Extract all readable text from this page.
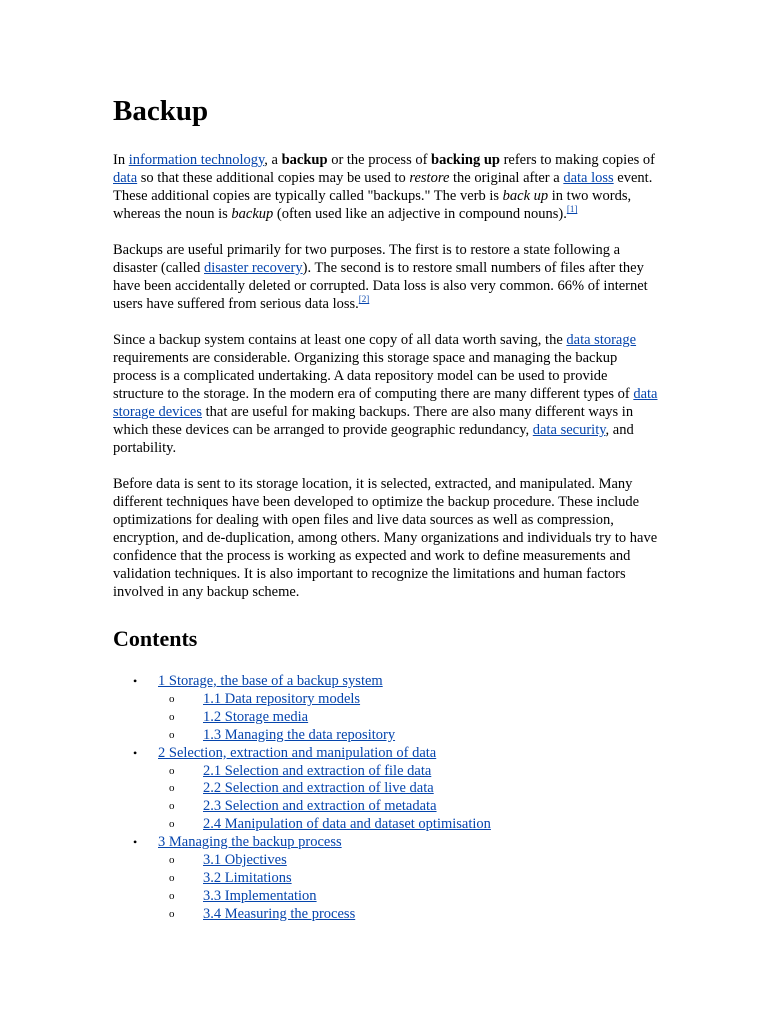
Backup

In information technology, a backup or the process of backing up refers to making copies of data so that these additional copies may be used to restore the original after a data loss event. These additional copies are typically called "backups." The verb is back up in two words, whereas the noun is backup (often used like an adjective in compound nouns).[1]

Backups are useful primarily for two purposes. The first is to restore a state following a disaster (called disaster recovery). The second is to restore small numbers of files after they have been accidentally deleted or corrupted. Data loss is also very common. 66% of internet users have suffered from serious data loss.[2]

Since a backup system contains at least one copy of all data worth saving, the data storage requirements are considerable. Organizing this storage space and managing the backup process is a complicated undertaking. A data repository model can be used to provide structure to the storage. In the modern era of computing there are many different types of data storage devices that are useful for making backups. There are also many different ways in which these devices can be arranged to provide geographic redundancy, data security, and portability.

Before data is sent to its storage location, it is selected, extracted, and manipulated. Many different techniques have been developed to optimize the backup procedure. These include optimizations for dealing with open files and live data sources as well as compression, encryption, and de-duplication, among others. Many organizations and individuals try to have confidence that the process is working as expected and work to define measurements and validation techniques. It is also important to recognize the limitations and human factors involved in any backup scheme.

Contents
• 1 Storage, the base of a backup system
o 1.1 Data repository models
o 1.2 Storage media
o 1.3 Managing the data repository
• 2 Selection, extraction and manipulation of data
o 2.1 Selection and extraction of file data
o 2.2 Selection and extraction of live data
o 2.3 Selection and extraction of metadata
o 2.4 Manipulation of data and dataset optimisation
• 3 Managing the backup process
o 3.1 Objectives
o 3.2 Limitations
o 3.3 Implementation
o 3.4 Measuring the process
